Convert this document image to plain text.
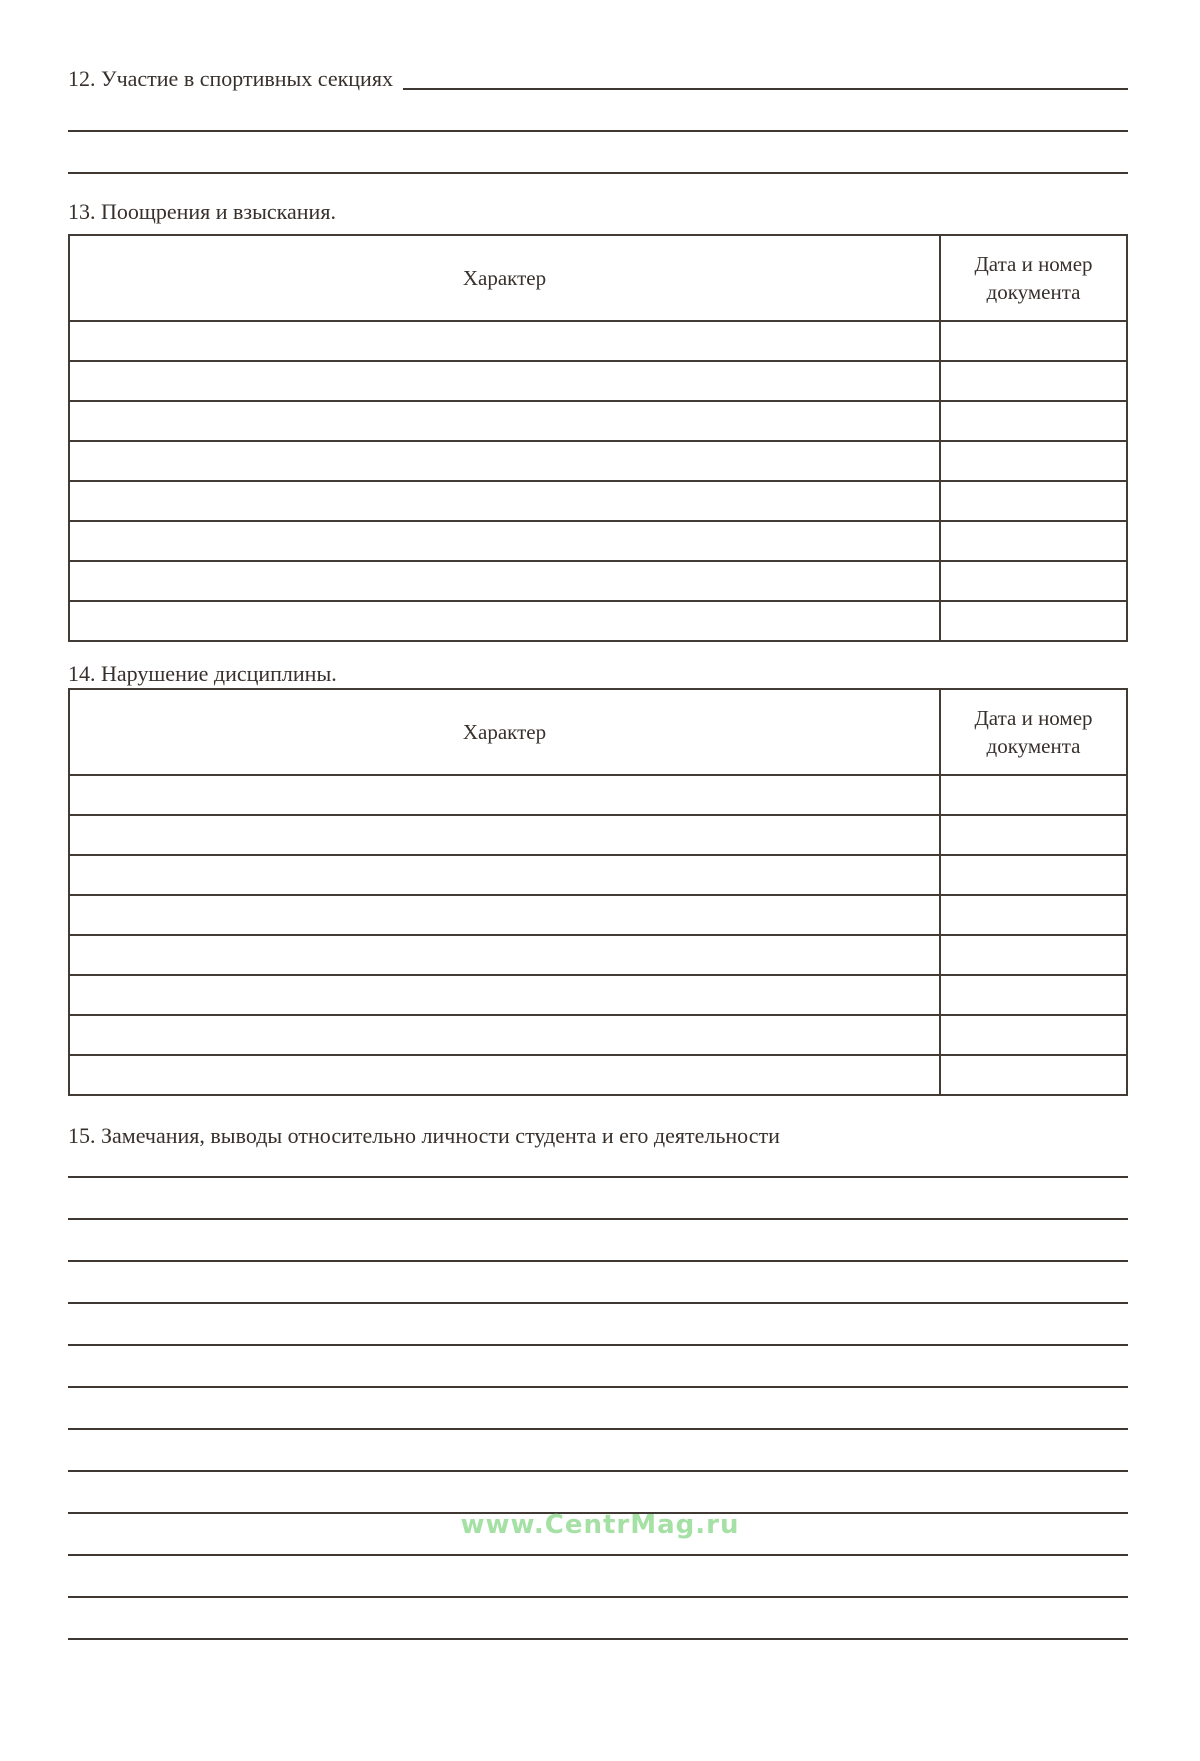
12. Участие в спортивных секциях
13. Поощрения и взыскания.
Характер	Дата и номер документа

14. Нарушение дисциплины.
Характер	Дата и номер документа

15. Замечания, выводы относительно личности студента и его деятельности
www.CentrMag.ru
